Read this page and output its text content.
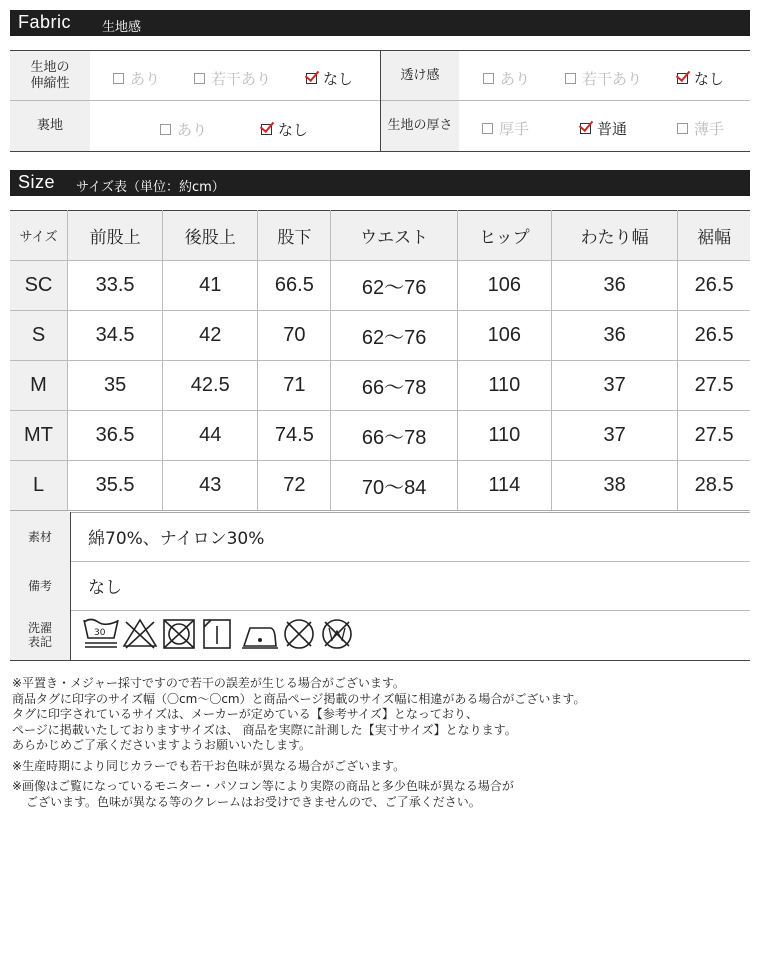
Fabric 生地感
生地の
伸縮性	あり	若干あり	なし	透け感	あり	若干あり	なし
裏地	あり	なし	生地の厚さ	厚手	普通	薄手
Size サイズ表（単位：約cm）
サイズ	前股上	後股上	股下	ウエスト	ヒップ	わたり幅	裾幅
SC	33.5	41	66.5	62〜76	106	36	26.5
S	34.5	42	70	62〜76	106	36	26.5
M	35	42.5	71	66〜78	110	37	27.5
MT	36.5	44	74.5	66〜78	110	37	27.5
L	35.5	43	72	70〜84	114	38	28.5
素材	綿70%、ナイロン30%
備考	なし
洗濯
表記
30

※平置き・メジャー採寸ですので若干の誤差が生じる場合がございます。

商品タグに印字のサイズ幅（〇cm〜〇cm）と商品ページ掲載のサイズ幅に相違がある場合がございます。

タグに印字されているサイズは、メーカーが定めている【参考サイズ】となっており、

ページに掲載いたしておりますサイズは、 商品を実際に計測した【実寸サイズ】となります。

あらかじめご了承くださいますようお願いいたします。

※生産時期により同じカラーでも若干お色味が異なる場合がございます。

※画像はご覧になっているモニター・パソコン等により実際の商品と多少色味が異なる場合が

ございます。色味が異なる等のクレームはお受けできませんので、ご了承ください。
